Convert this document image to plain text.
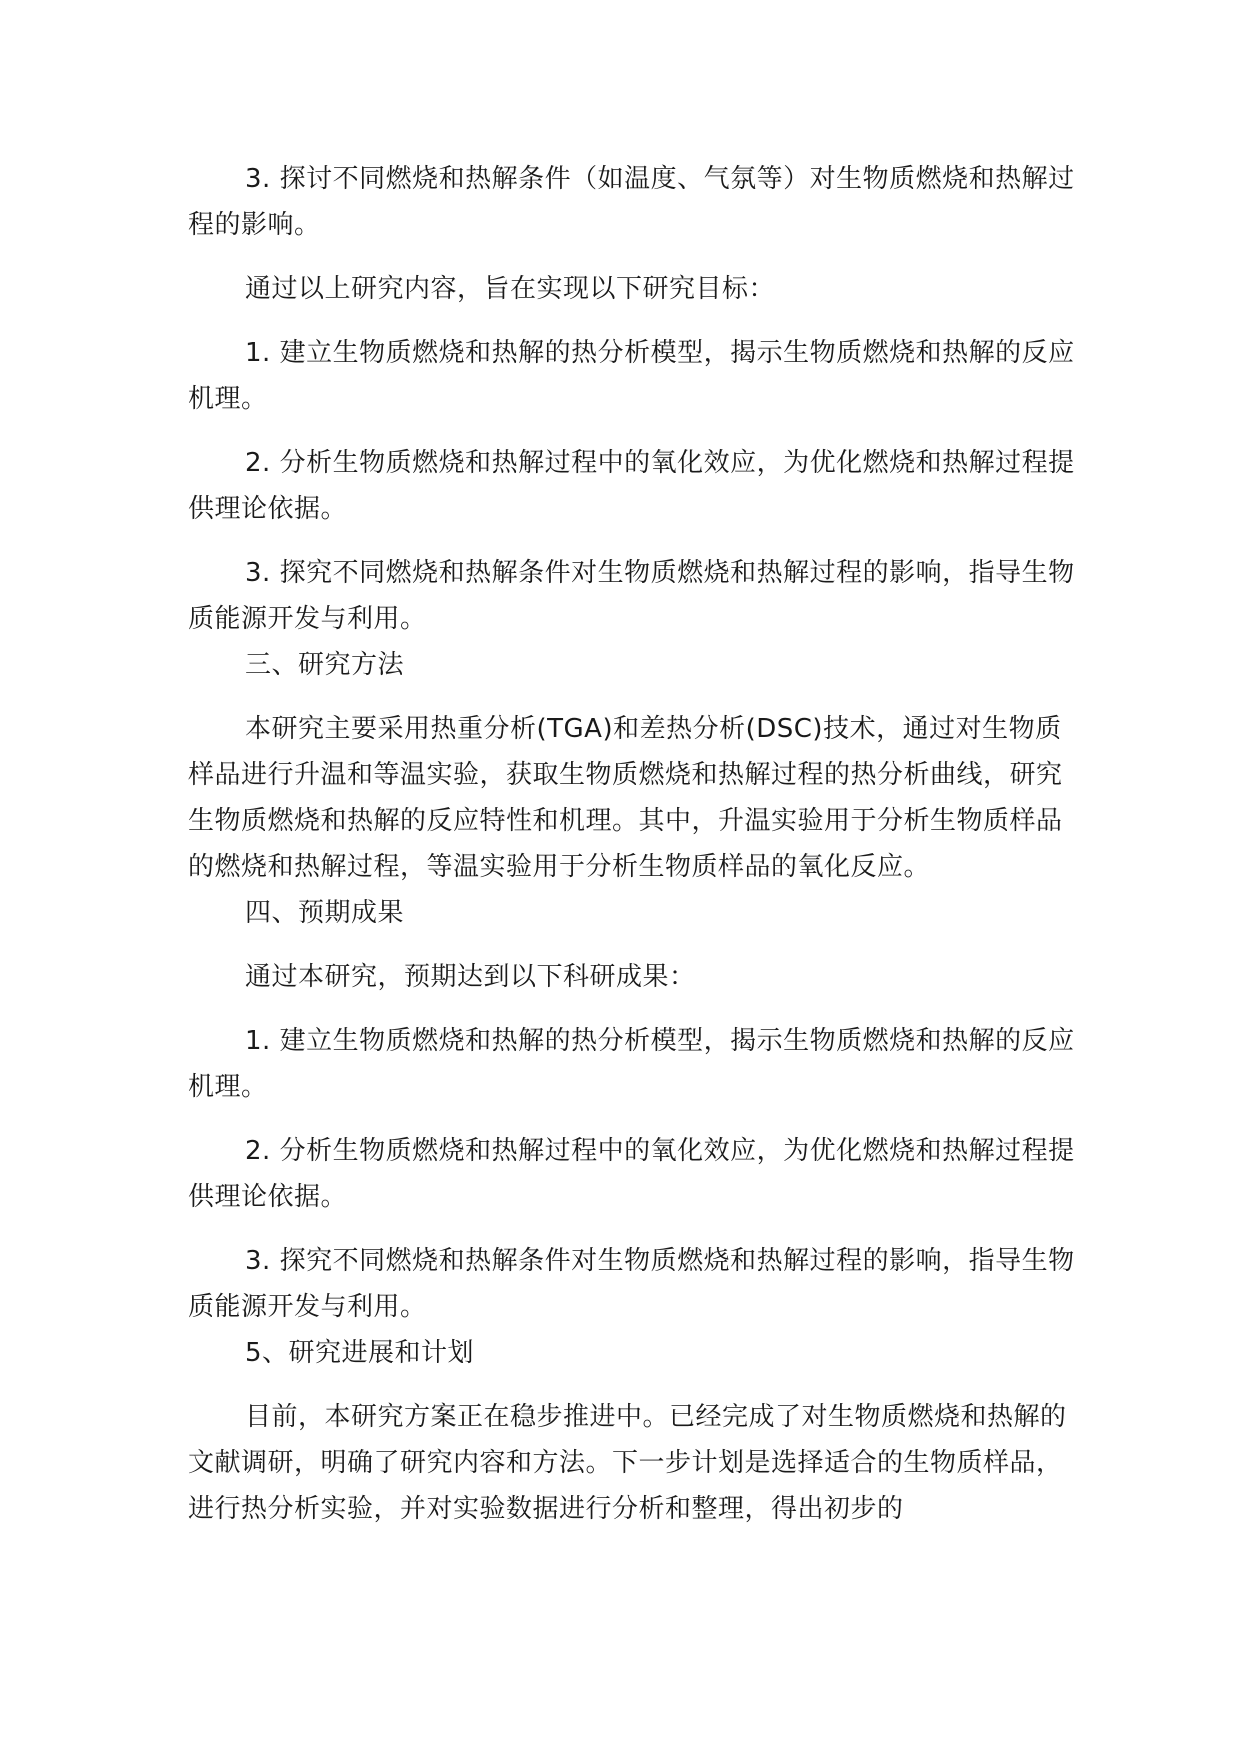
3. 探讨不同燃烧和热解条件（如温度、气氛等）对生物质燃烧和热解过程的影响。

通过以上研究内容，旨在实现以下研究目标：

1. 建立生物质燃烧和热解的热分析模型，揭示生物质燃烧和热解的反应机理。

2. 分析生物质燃烧和热解过程中的氧化效应，为优化燃烧和热解过程提供理论依据。

3. 探究不同燃烧和热解条件对生物质燃烧和热解过程的影响，指导生物质能源开发与利用。

三、研究方法

本研究主要采用热重分析(TGA)和差热分析(DSC)技术，通过对生物质样品进行升温和等温实验，获取生物质燃烧和热解过程的热分析曲线，研究生物质燃烧和热解的反应特性和机理。其中，升温实验用于分析生物质样品的燃烧和热解过程，等温实验用于分析生物质样品的氧化反应。

四、预期成果

通过本研究，预期达到以下科研成果：

1. 建立生物质燃烧和热解的热分析模型，揭示生物质燃烧和热解的反应机理。

2. 分析生物质燃烧和热解过程中的氧化效应，为优化燃烧和热解过程提供理论依据。

3. 探究不同燃烧和热解条件对生物质燃烧和热解过程的影响，指导生物质能源开发与利用。

5、研究进展和计划

目前，本研究方案正在稳步推进中。已经完成了对生物质燃烧和热解的文献调研，明确了研究内容和方法。下一步计划是选择适合的生物质样品，进行热分析实验，并对实验数据进行分析和整理，得出初步的
